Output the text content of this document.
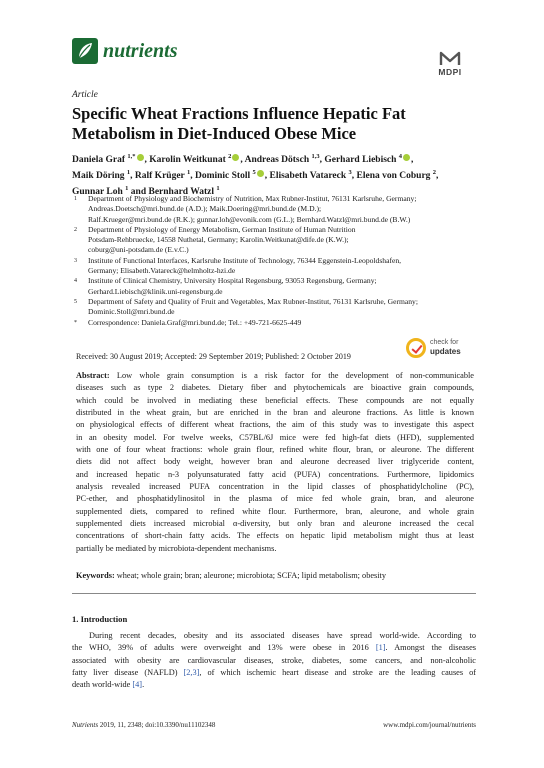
nutrients
MDPI
Article
Specific Wheat Fractions Influence Hepatic Fat
Metabolism in Diet-Induced Obese Mice
Daniela Graf $^{1,*}$ , Karolin Weitkunat $^2$ , Andreas Dötsch $^{1,3}$, Gerhard Liebisch $^4$ ,
Maik Döring $^1$, Ralf Krüger $^1$, Dominic Stoll $^5$ , Elisabeth Vatareck $^3$, Elena von Coburg $^2$,
Gunnar Loh $^1$ and Bernhard Watzl $^1$
1 Department of Physiology and Biochemistry of Nutrition, Max Rubner-Institut, 76131 Karlsruhe, Germany;
Andreas.Doetsch@mri.bund.de (A.D.); Maik.Doering@mri.bund.de (M.D.);
Ralf.Krueger@mri.bund.de (R.K.); gunnar.loh@evonik.com (G.L.); Bernhard.Watzl@mri.bund.de (B.W.)
2 Department of Physiology of Energy Metabolism, German Institute of Human Nutrition
Potsdam-Rehbruecke, 14558 Nuthetal, Germany; Karolin.Weitkunat@dife.de (K.W.);
coburg@uni-potsdam.de (E.v.C.)
3 Institute of Functional Interfaces, Karlsruhe Institute of Technology, 76344 Eggenstein-Leopoldshafen,
Germany; Elisabeth.Vatareck@helmholtz-hzi.de
4 Institute of Clinical Chemistry, University Hospital Regensburg, 93053 Regensburg, Germany;
Gerhard.Liebisch@klinik.uni-regensburg.de
5 Department of Safety and Quality of Fruit and Vegetables, Max Rubner-Institut, 76131 Karlsruhe, Germany;
Dominic.Stoll@mri.bund.de
* Correspondence: Daniela.Graf@mri.bund.de; Tel.: +49-721-6625-449
Received: 30 August 2019; Accepted: 29 September 2019; Published: 2 October 2019
check for
updates
Abstract: Low whole grain consumption is a risk factor for the development of non-communicable
diseases such as type 2 diabetes. Dietary fiber and phytochemicals are bioactive grain compounds,
which could be involved in mediating these beneficial effects. These compounds are not equally
distributed in the wheat grain, but are enriched in the bran and aleurone fractions. As little is known
on physiological effects of different wheat fractions, the aim of this study was to investigate this aspect
in an obesity model. For twelve weeks, C57BL/6J mice were fed high-fat diets (HFD), supplemented
with one of four wheat fractions: whole grain flour, refined white flour, bran, or aleurone. The different
diets did not affect body weight, however bran and aleurone decreased liver triglyceride content,
and increased hepatic n-3 polyunsaturated fatty acid (PUFA) concentrations. Furthermore, lipidomics
analysis revealed increased PUFA concentration in the lipid classes of phosphatidylcholine (PC),
PC-ether, and phosphatidylinositol in the plasma of mice fed whole grain, bran, and aleurone
supplemented diets, compared to refined white flour. Furthermore, bran, aleurone, and whole grain
supplemented diets increased microbial α-diversity, but only bran and aleurone increased the cecal
concentrations of short-chain fatty acids. The effects on hepatic lipid metabolism might thus at least
partially be mediated by microbiota-dependent mechanisms.
Keywords: wheat; whole grain; bran; aleurone; microbiota; SCFA; lipid metabolism; obesity
1. Introduction
During recent decades, obesity and its associated diseases have spread world-wide. According to
the WHO, 39% of adults were overweight and 13% were obese in 2016 [1]. Amongst the diseases
associated with obesity are cardiovascular diseases, stroke, diabetes, some cancers, and non-alcoholic
fatty liver disease (NAFLD) [2,3], of which ischemic heart disease and stroke are the leading causes of
death world-wide [4].
Nutrients 2019, 11, 2348; doi:10.3390/nu11102348	www.mdpi.com/journal/nutrients
